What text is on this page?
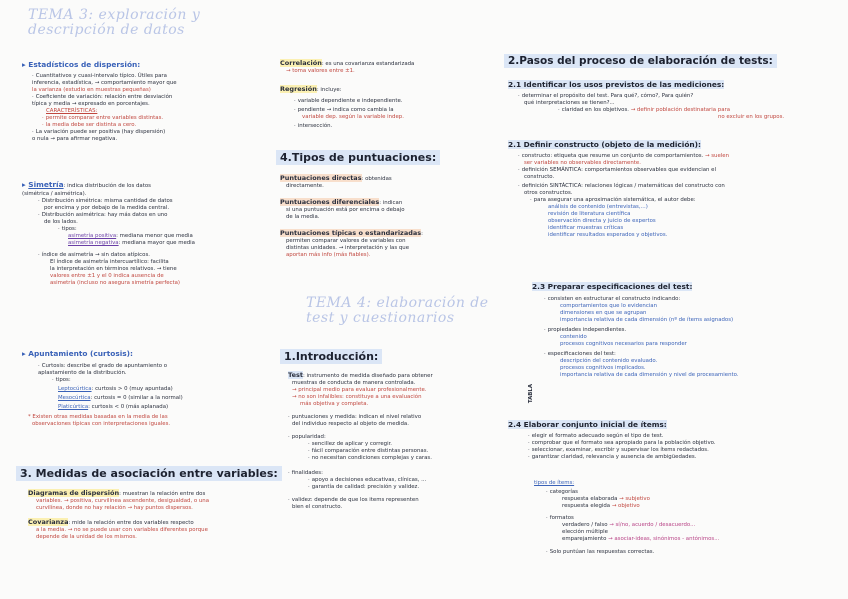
TEMA 3: exploración y descripción de datos
▸ Estadísticos de dispersión:
· Cuantitativos y cuasi-intervalo típico. Útiles para
inferencia, estadística, → comportamiento mayor que
la varianza (estudio en muestras pequeñas)
· Coeficiente de variación: relación entre desviación
típica y media → expresado en porcentajes.
CARACTERÍSTICAS:
· permite comparar entre variables distintas.
· la media debe ser distinta a cero.
· La variación puede ser positiva (hay dispersión)
o nula → para afirmar negativa.
▸ Simetría: indica distribución de los datos
(simétrica / asimétrica).
· Distribución simétrica: misma cantidad de datos
por encima y por debajo de la medida central.
· Distribución asimétrica: hay más datos en uno
de los lados.
· tipos:
asimetría positiva: mediana menor que media
asimetría negativa: mediana mayor que media
· índice de asimetría → sin datos atípicos.
El índice de asimetría intercuartílico: facilita
la interpretación en términos relativos. → tiene
valores entre ±1 y el 0 indica ausencia de
asimetría (incluso no asegura simetría perfecta)
▸ Apuntamiento (curtosis):
· Curtosis: describe el grado de apuntamiento o
aplastamiento de la distribución.
· tipos:
Leptocúrtica: curtosis > 0 (muy apuntada)
Mesocúrtica: curtosis = 0 (similar a la normal)
Platicúrtica: curtosis < 0 (más aplanada)
* Existen otras medidas basadas en la media de las
observaciones típicas con interpretaciones iguales.
3. Medidas de asociación entre variables:
Diagramas de dispersión: muestran la relación entre dos
variables. → positiva, curvilínea ascendente, desigualdad, o una
curvilínea, donde no hay relación → hay puntos dispersos.
Covarianza: mide la relación entre dos variables respecto
a la media. → no se puede usar con variables diferentes porque
depende de la unidad de los mismos.
Correlación: es una covarianza estandarizada
→ toma valores entre ±1.
Regresión: incluye:
· variable dependiente e independiente.
· pendiente → indica como cambia la
variable dep. según la variable indep.
· intersección.
4.Tipos de puntuaciones:
Puntuaciones directas: obtenidas
directamente.
Puntuaciones diferenciales: indican
si una puntuación está por encima o debajo
de la media.
Puntuaciones típicas o estandarizadas:
permiten comparar valores de variables con
distintas unidades. → interpretación y las que
aportan más info (más fiables).
TEMA 4: elaboración de test y cuestionarios
1.Introducción:
Test: instrumento de medida diseñado para obtener
muestras de conducta de manera controlada.
→ principal medio para evaluar profesionalmente.
→ no son infalibles: constituye a una evaluación
más objetiva y completa.
· puntuaciones y medida: indican el nivel relativo
del individuo respecto al objeto de medida.
· popularidad:
· sencillez de aplicar y corregir.
· fácil comparación entre distintas personas.
· no necesitan condiciones complejas y caras.
· finalidades:
· apoyo a decisiones educativas, clínicas, ...
· garantía de calidad: precisión y validez.
· validez: depende de que los items representen
bien el constructo.
2.Pasos del proceso de elaboración de tests:
2.1 Identificar los usos previstos de las mediciones:
· determinar el propósito del test. Para qué?, cómo?, Para quién?
qué interpretaciones se tienen?...
· claridad en los objetivos. → definir población destinataria para
no excluir en los grupos.
2.1 Definir constructo (objeto de la medición):
· constructo: etiqueta que resume un conjunto de comportamientos. → suelen
ser variables no observables directamente.
· definición SEMÁNTICA: comportamientos observables que evidencian el
constructo.
· definición SINTÁCTICA: relaciones lógicas / matemáticas del constructo con
otros constructos.
· para asegurar una aproximación sistemática, el autor debe:
análisis de contenido (entrevistas,...)
revisión de literatura científica
observación directa y juicio de expertos
identificar muestras críticas
identificar resultados esperados y objetivos.
2.3 Preparar especificaciones del test:
· consisten en estructurar el constructo indicando:
comportamientos que lo evidencian
dimensiones en que se agrupan
importancia relativa de cada dimensión (nº de ítems asignados)
· propiedades independientes.
contenido
procesos cognitivos necesarios para responder
· especificaciones del test:
descripción del contenido evaluado.
procesos cognitivos implicados.
importancia relativa de cada dimensión y nivel de procesamiento.
TABLA
2.4 Elaborar conjunto inicial de ítems:
· elegir el formato adecuado según el tipo de test.
· comprobar que el formato sea apropiado para la población objetivo.
· seleccionar, examinar, escribir y supervisar los ítems redactados.
· garantizar claridad, relevancia y ausencia de ambigüedades.
tipos de ítems:
· categorías
respuesta elaborada → subjetivo
respuesta elegida → objetivo
· formatos
verdadero / falso → sí/no, acuerdo / desacuerdo...
elección múltiple
emparejamiento → asociar-ideas, sinónimos - antónimos...
· Solo puntúan las respuestas correctas.
